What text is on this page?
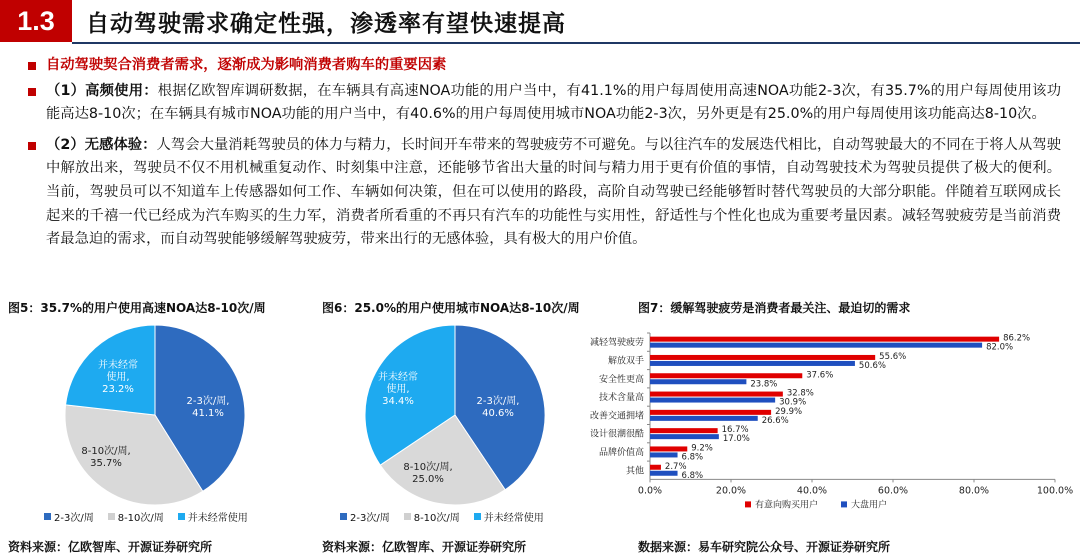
1.3	自动驾驶需求确定性强，渗透率有望快速提高
自动驾驶契合消费者需求，逐渐成为影响消费者购车的重要因素
（1）高频使用：根据亿欧智库调研数据，在车辆具有高速NOA功能的用户当中，有41.1%的用户每周使用高速NOA功能2-3次，有35.7%的用户每周使用该功能高达8-10次；在车辆具有城市NOA功能的用户当中，有40.6%的用户每周使用城市NOA功能2-3次，另外更是有25.0%的用户每周使用该功能高达8-10次。
（2）无感体验：人驾会大量消耗驾驶员的体力与精力，长时间开车带来的驾驶疲劳不可避免。与以往汽车的发展迭代相比，自动驾驶最大的不同在于将人从驾驶中解放出来，驾驶员不仅不用机械重复动作、时刻集中注意，还能够节省出大量的时间与精力用于更有价值的事情，自动驾驶技术为驾驶员提供了极大的便利。当前，驾驶员可以不知道车上传感器如何工作、车辆如何决策，但在可以使用的路段，高阶自动驾驶已经能够暂时替代驾驶员的大部分职能。伴随着互联网成长起来的千禧一代已经成为汽车购买的生力军，消费者所看重的不再只有汽车的功能性与实用性，舒适性与个性化也成为重要考量因素。减轻驾驶疲劳是当前消费者最急迫的需求，而自动驾驶能够缓解驾驶疲劳，带来出行的无感体验，具有极大的用户价值。
图5：35.7%的用户使用高速NOA达8-10次/周	图6：25.0%的用户使用城市NOA达8-10次/周	图7：缓解驾驶疲劳是消费者最关注、最迫切的需求
2-3次/周, 41.1%
8-10次/周, 35.7%
并未经常使用, 23.2%
2-3次/周, 40.6%
8-10次/周, 25.0%
并未经常使用, 34.4%
2-3次/周 8-10次/周 并未经常使用	2-3次/周 8-10次/周 并未经常使用
0.0%	20.0%	40.0%	60.0%	80.0%	100.0%
减轻驾驶疲劳	86.2%
82.0%
解放双手	55.6%
50.6%
安全性更高	37.6%
23.8%
技术含量高	32.8%
30.9%
改善交通拥堵	29.9%
26.6%
设计很潮很酷	16.7%
17.0%
品牌价值高	9.2%
6.8%
其他 2.7%
6.8%
有意向购买用户	大盘用户
资料来源：亿欧智库、开源证券研究所	资料来源：亿欧智库、开源证券研究所	数据来源：易车研究院公众号、开源证券研究所
